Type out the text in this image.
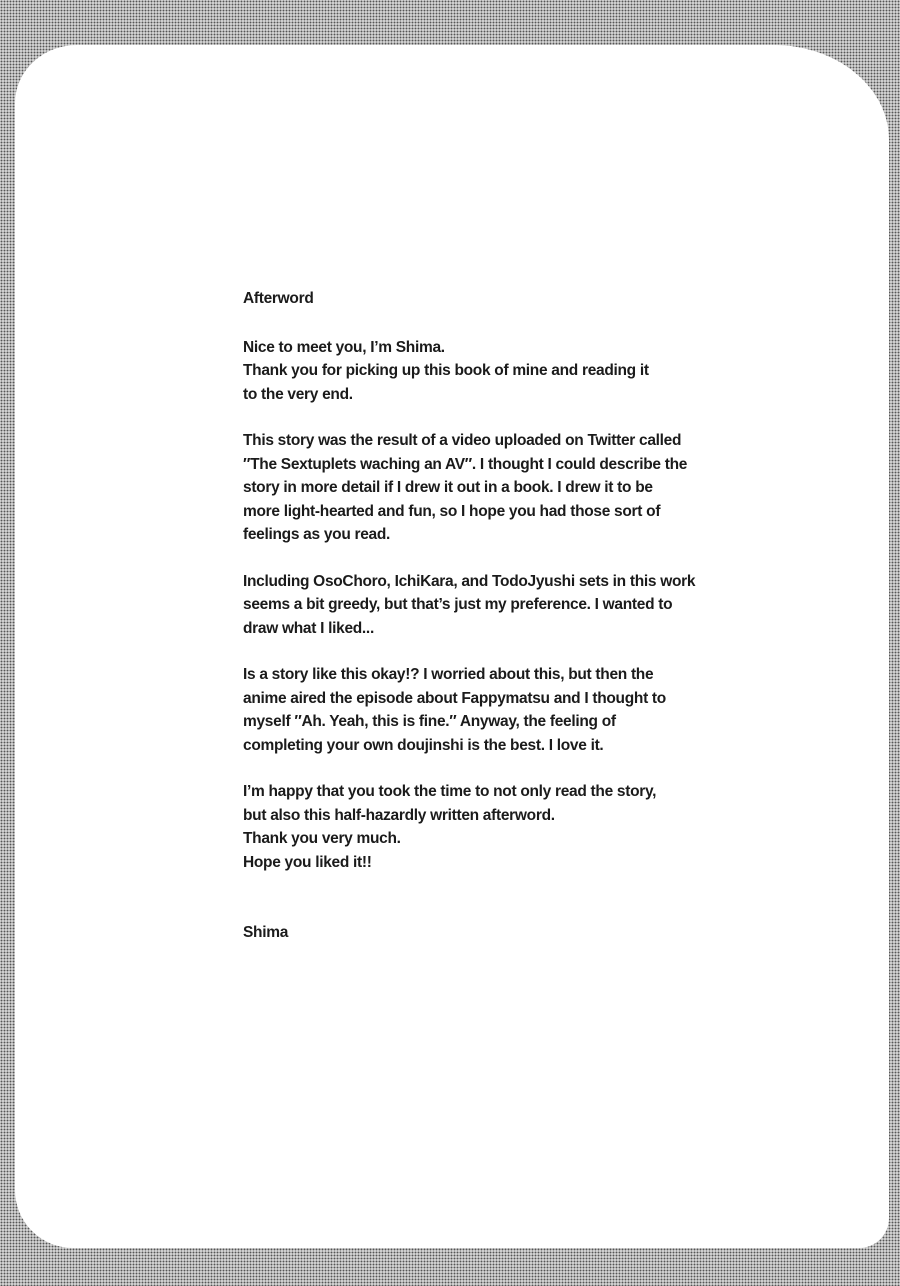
Afterword
Nice to meet you, I’m Shima.
Thank you for picking up this book of mine and reading it
to the very end.
This story was the result of a video uploaded on Twitter called
″The Sextuplets waching an AV″. I thought I could describe the
story in more detail if I drew it out in a book. I drew it to be
more light-hearted and fun, so I hope you had those sort of
feelings as you read.
Including OsoChoro, IchiKara, and TodoJyushi sets in this work
seems a bit greedy, but that’s just my preference. I wanted to
draw what I liked...
Is a story like this okay!? I worried about this, but then the
anime aired the episode about Fappymatsu and I thought to
myself ″Ah. Yeah, this is fine.″ Anyway, the feeling of
completing your own doujinshi is the best. I love it.
I’m happy that you took the time to not only read the story,
but also this half-hazardly written afterword.
Thank you very much.
Hope you liked it!!
Shima
